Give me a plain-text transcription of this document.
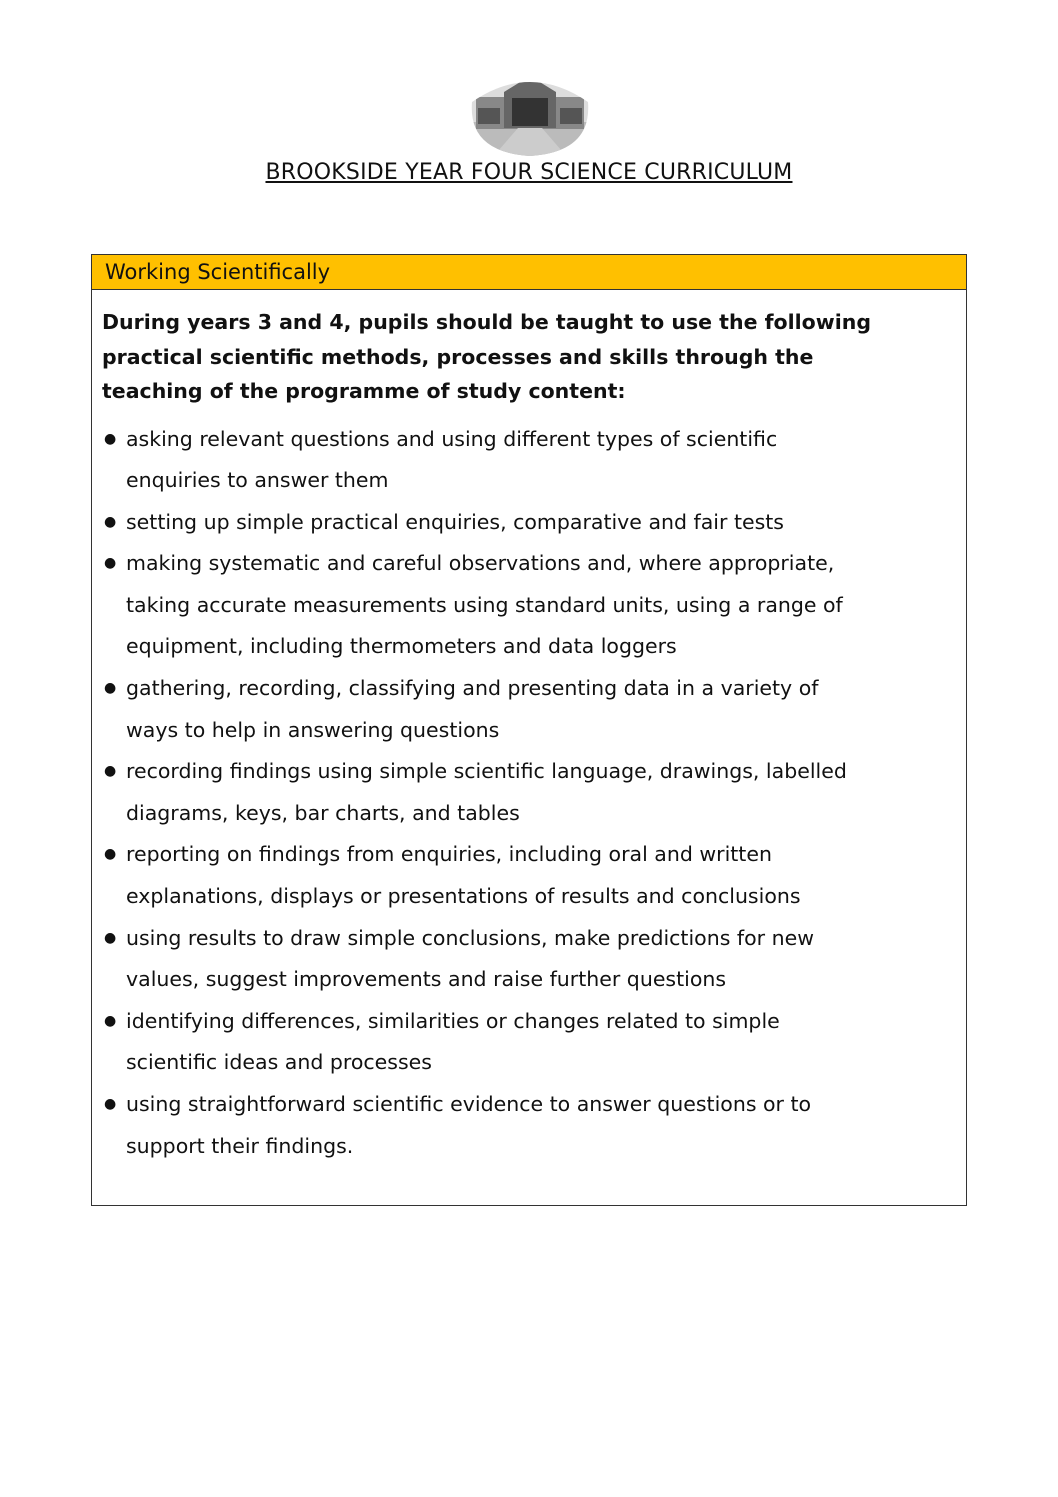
BROOKSIDE YEAR FOUR SCIENCE CURRICULUM
Working Scientifically
During years 3 and 4, pupils should be taught to use the following
practical scientific methods, processes and skills through the
teaching of the programme of study content:
● asking relevant questions and using different types of scientific
enquiries to answer them
● setting up simple practical enquiries, comparative and fair tests
● making systematic and careful observations and, where appropriate,
taking accurate measurements using standard units, using a range of
equipment, including thermometers and data loggers
● gathering, recording, classifying and presenting data in a variety of
ways to help in answering questions
● recording findings using simple scientific language, drawings, labelled
diagrams, keys, bar charts, and tables
● reporting on findings from enquiries, including oral and written
explanations, displays or presentations of results and conclusions
● using results to draw simple conclusions, make predictions for new
values, suggest improvements and raise further questions
● identifying differences, similarities or changes related to simple
scientific ideas and processes
● using straightforward scientific evidence to answer questions or to
support their findings.
